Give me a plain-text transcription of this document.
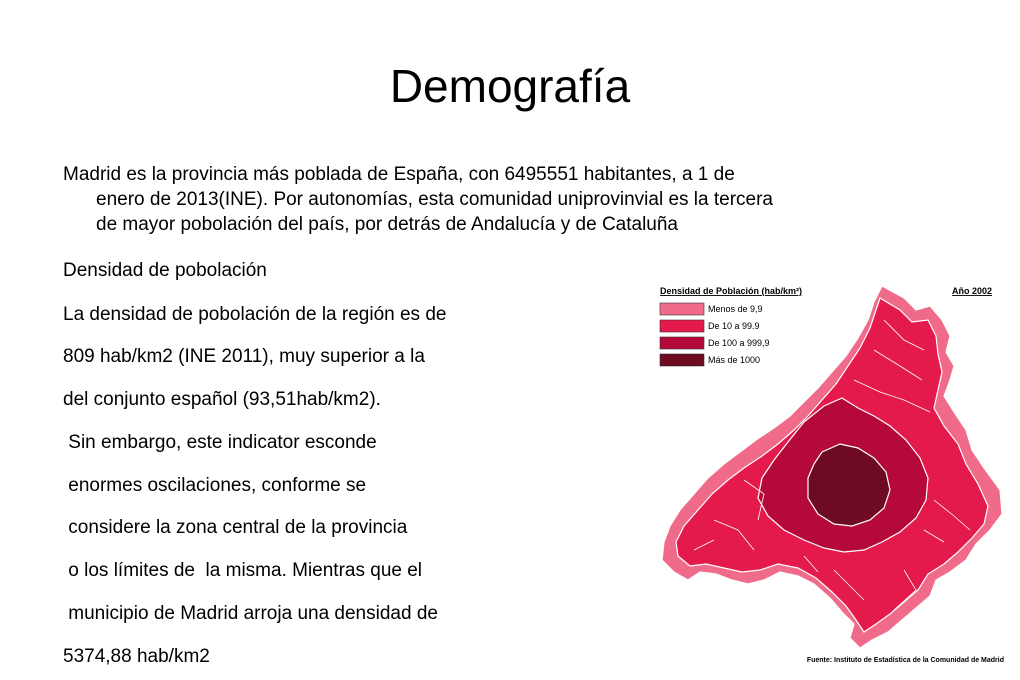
Demografía
Madrid es la provincia más poblada de España, con 6495551 habitantes, a 1 de
enero de 2013(INE). Por autonomías, esta comunidad uniprovinvial es la tercera
de mayor pobolación del país, por detrás de Andalucía y de Cataluña
Densidad de pobolación
La densidad de pobolación de la región es de
809 hab/km2 (INE 2011), muy superior a la
del conjunto español (93,51hab/km2).
Sin embargo, este indicator esconde
enormes oscilaciones, conforme se
considere la zona central de la provincia
o los límites de  la misma. Mientras que el
municipio de Madrid arroja una densidad de
5374,88 hab/km2
Densidad de Población (hab/km²)	Año 2002
Menos de 9,9
De 10 a 99.9
De 100 a 999,9
Más de 1000
Fuente: Instituto de Estadística de la Comunidad de Madrid
